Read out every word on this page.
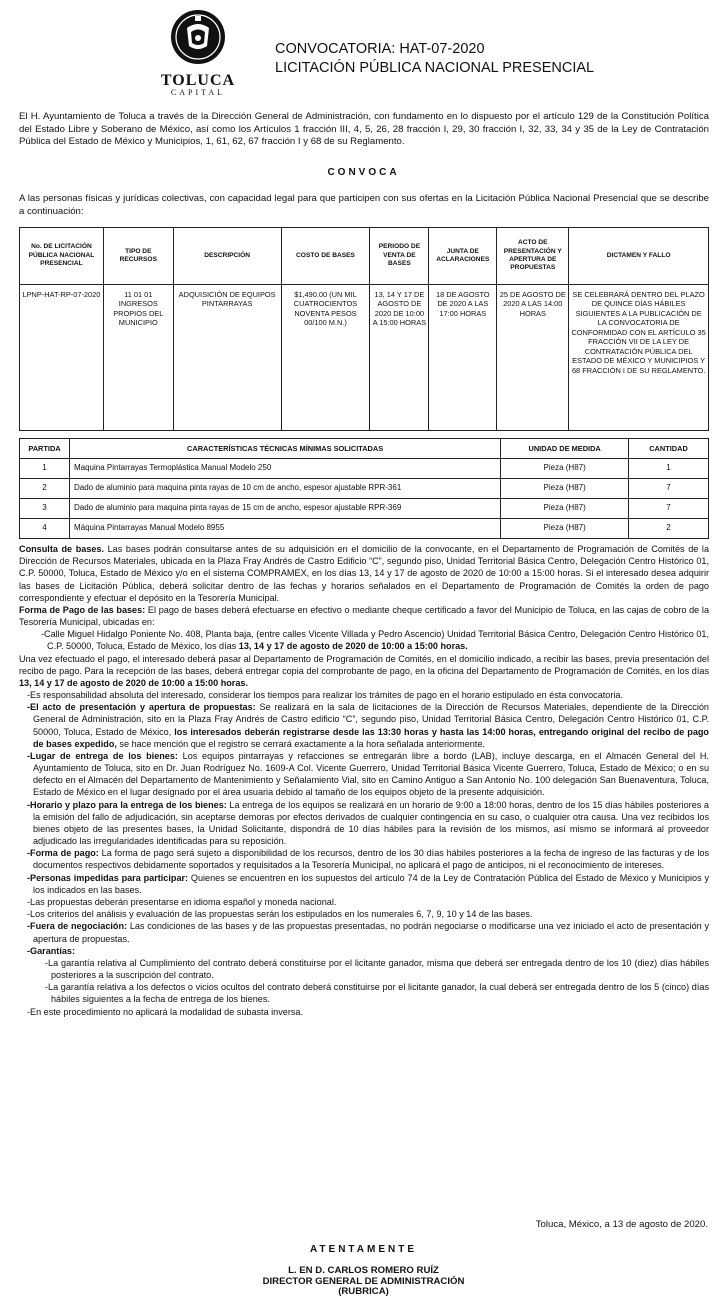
TOLUCA
CAPITAL
CONVOCATORIA: HAT-07-2020
LICITACIÓN PÚBLICA NACIONAL PRESENCIAL
El H. Ayuntamiento de Toluca a través de la Dirección General de Administración, con fundamento en lo dispuesto por el artículo 129 de la Constitución Política del Estado Libre y Soberano de México, así como los Artículos 1 fracción III, 4, 5, 26, 28 fracción I, 29, 30 fracción I, 32, 33, 34 y 35 de la Ley de Contratación Pública del Estado de México y Municipios, 1, 61, 62, 67 fracción I y 68 de su Reglamento.
CONVOCA
A las personas físicas y jurídicas colectivas, con capacidad legal para que participen con sus ofertas en la Licitación Pública Nacional Presencial que se describe a continuación:
No. DE LICITACIÓN PÚBLICA NACIONAL PRESENCIAL	TIPO DE RECURSOS	DESCRIPCIÓN	COSTO DE BASES	PERIODO DE VENTA DE BASES	JUNTA DE ACLARACIONES	ACTO DE PRESENTACIÓN Y APERTURA DE PROPUESTAS	DICTAMEN Y FALLO
LPNP-HAT-RP-07-2020	11 01 01 INGRESOS PROPIOS DEL MUNICIPIO	ADQUISICIÓN DE EQUIPOS PINTARRAYAS	$1,490.00 (UN MIL CUATROCIENTOS NOVENTA PESOS 00/100 M.N.)	13, 14 Y 17 DE AGOSTO DE 2020 DE 10:00 A 15:00 HORAS	18 DE AGOSTO DE 2020 A LAS 17:00 HORAS	25 DE AGOSTO DE 2020 A LAS 14:00 HORAS	SE CELEBRARÁ DENTRO DEL PLAZO DE QUINCE DÍAS HÁBILES SIGUIENTES A LA PUBLICACIÓN DE LA CONVOCATORIA DE CONFORMIDAD CON EL ARTÍCULO 35 FRACCIÓN VII DE LA LEY DE CONTRATACIÓN PÚBLICA DEL ESTADO DE MÉXICO Y MUNICIPIOS Y 68 FRACCIÓN I DE SU REGLAMENTO.
PARTIDA	CARACTERÍSTICAS TÉCNICAS MÍNIMAS SOLICITADAS	UNIDAD DE MEDIDA	CANTIDAD
1	Maquina Pintarrayas Termoplástica Manual Modelo 250	Pieza (H87)	1
2	Dado de aluminio para maquina pinta rayas de 10 cm de ancho, espesor ajustable RPR-361	Pieza (H87)	7
3	Dado de aluminio para maquina pinta rayas de 15 cm de ancho, espesor ajustable RPR-369	Pieza (H87)	7
4	Máquina Pintarrayas Manual Modelo 8955	Pieza (H87)	2

Consulta de bases. Las bases podrán consultarse antes de su adquisición en el domicilio de la convocante, en el Departamento de Programación de Comités de la Dirección de Recursos Materiales, ubicada en la Plaza Fray Andrés de Castro Edificio “C”, segundo piso, Unidad Territorial Básica Centro, Delegación Centro Histórico 01, C.P. 50000, Toluca, Estado de México y/o en el sistema COMPRAMEX, en los días 13, 14 y 17 de agosto de 2020 de 10:00 a 15:00 horas. Si el interesado desea adquirir las bases de Licitación Pública, deberá solicitar dentro de las fechas y horarios señalados en el Departamento de Programación de Comités la orden de pago correspondiente y efectuar el depósito en la Tesorería Municipal.

Forma de Pago de las bases: El pago de bases deberá efectuarse en efectivo o mediante cheque certificado a favor del Municipio de Toluca, en las cajas de cobro de la Tesorería Municipal, ubicadas en:

-Calle Miguel Hidalgo Poniente No. 408, Planta baja, (entre calles Vicente Villada y Pedro Ascencio) Unidad Territorial Básica Centro, Delegación Centro Histórico 01, C.P. 50000, Toluca, Estado de México, los días 13, 14 y 17 de agosto de 2020 de 10:00 a 15:00 horas.

Una vez efectuado el pago, el interesado deberá pasar al Departamento de Programación de Comités, en el domicilio indicado, a recibir las bases, previa presentación del recibo de pago. Para la recepción de las bases, deberá entregar copia del comprobante de pago, en la oficina del Departamento de Programación de Comités, en los días 13, 14 y 17 de agosto de 2020 de 10:00 a 15:00 horas.

-Es responsabilidad absoluta del interesado, considerar los tiempos para realizar los trámites de pago en el horario estipulado en ésta convocatoria.

-El acto de presentación y apertura de propuestas: Se realizará en la sala de licitaciones de la Dirección de Recursos Materiales, dependiente de la Dirección General de Administración, sito en la Plaza Fray Andrés de Castro edificio “C”, segundo piso, Unidad Territorial Básica Centro, Delegación Centro Histórico 01, C.P. 50000, Toluca, Estado de México, los interesados deberán registrarse desde las 13:30 horas y hasta las 14:00 horas, entregando original del recibo de pago de bases expedido, se hace mención que el registro se cerrará exactamente a la hora señalada anteriormente.

-Lugar de entrega de los bienes: Los equipos pintarrayas y refacciones se entregarán libre a bordo (LAB), incluye descarga, en el Almacén General del H. Ayuntamiento de Toluca, sito en Dr. Juan Rodríguez No. 1609-A Col. Vicente Guerrero, Unidad Territorial Básica Vicente Guerrero, Toluca, Estado de México; o en su defecto en el Almacén del Departamento de Mantenimiento y Señalamiento Vial, sito en Camino Antiguo a San Antonio No. 100 delegación San Buenaventura, Toluca, Estado de México en el lugar designado por el área usuaria debido al tamaño de los equipos objeto de la presente adquisición.

-Horario y plazo para la entrega de los bienes: La entrega de los equipos se realizará en un horario de 9:00 a 18:00 horas, dentro de los 15 días hábiles posteriores a la emisión del fallo de adjudicación, sin aceptarse demoras por efectos derivados de cualquier contingencia en su caso, o cualquier otra causa. Una vez recibidos los bienes objeto de las presentes bases, la Unidad Solicitante, dispondrá de 10 días hábiles para la revisión de los mismos, así mismo se informará al proveedor adjudicado las irregularidades identificadas para su reposición.

-Forma de pago: La forma de pago será sujeto a disponibilidad de los recursos, dentro de los 30 días hábiles posteriores a la fecha de ingreso de las facturas y de los documentos respectivos debidamente soportados y requisitados a la Tesorería Municipal, no aplicará el pago de anticipos, ni el reconocimiento de intereses.

-Personas impedidas para participar: Quienes se encuentren en los supuestos del artículo 74 de la Ley de Contratación Pública del Estado de México y Municipios y los indicados en las bases.

-Las propuestas deberán presentarse en idioma español y moneda nacional.

-Los criterios del análisis y evaluación de las propuestas serán los estipulados en los numerales 6, 7, 9, 10 y 14 de las bases.

-Fuera de negociación: Las condiciones de las bases y de las propuestas presentadas, no podrán negociarse o modificarse una vez iniciado el acto de presentación y apertura de propuestas.

-Garantías:

-La garantía relativa al Cumplimiento del contrato deberá constituirse por el licitante ganador, misma que deberá ser entregada dentro de los 10 (diez) días hábiles posteriores a la suscripción del contrato.

-La garantía relativa a los defectos o vicios ocultos del contrato deberá constituirse por el licitante ganador, la cual deberá ser entregada dentro de los 5 (cinco) días hábiles siguientes a la fecha de entrega de los bienes.

-En este procedimiento no aplicará la modalidad de subasta inversa.

Toluca, México, a 13 de agosto de 2020.
ATENTAMENTE
L. EN D. CARLOS ROMERO RUÍZ
DIRECTOR GENERAL DE ADMINISTRACIÓN
(RUBRICA)
